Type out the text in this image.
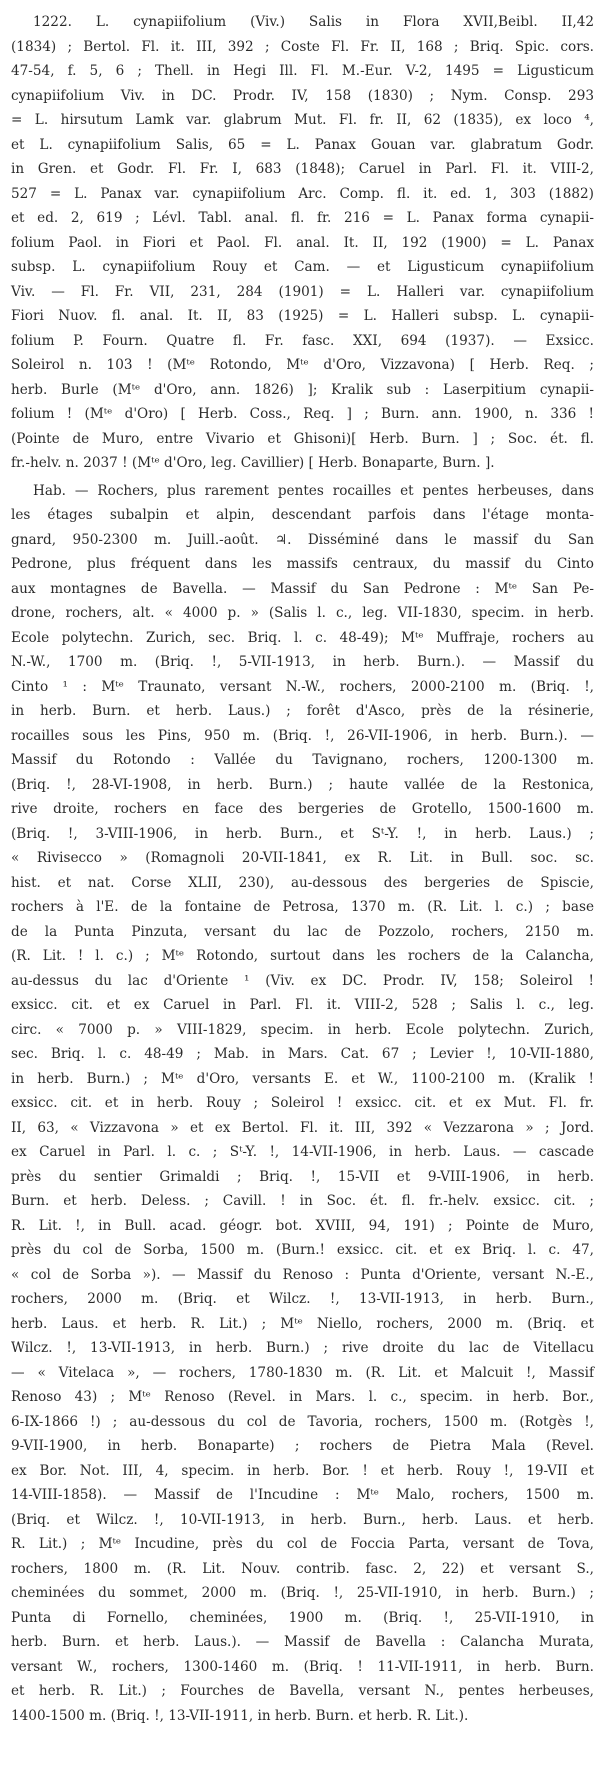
1222. L. cynapiifolium (Viv.) Salis in Flora XVII,Beibl. II,42
(1834) ; Bertol. Fl. it. III, 392 ; Coste Fl. Fr. II, 168 ; Briq. Spic. cors.
47-54, f. 5, 6 ; Thell. in Hegi Ill. Fl. M.-Eur. V-2, 1495 = Ligusticum
cynapiifolium Viv. in DC. Prodr. IV, 158 (1830) ; Nym. Consp. 293
= L. hirsutum Lamk var. glabrum Mut. Fl. fr. II, 62 (1835), ex loco ⁴,
et L. cynapiifolium Salis, 65 = L. Panax Gouan var. glabratum Godr.
in Gren. et Godr. Fl. Fr. I, 683 (1848); Caruel in Parl. Fl. it. VIII-2,
527 = L. Panax var. cynapiifolium Arc. Comp. fl. it. ed. 1, 303 (1882)
et ed. 2, 619 ; Lévl. Tabl. anal. fl. fr. 216 = L. Panax forma cynapii-
folium Paol. in Fiori et Paol. Fl. anal. It. II, 192 (1900) = L. Panax
subsp. L. cynapiifolium Rouy et Cam. — et Ligusticum cynapiifolium
Viv. — Fl. Fr. VII, 231, 284 (1901) = L. Halleri var. cynapiifolium
Fiori Nuov. fl. anal. It. II, 83 (1925) = L. Halleri subsp. L. cynapii-
folium P. Fourn. Quatre fl. Fr. fasc. XXI, 694 (1937). — Exsicc.
Soleirol n. 103 ! (Mᵗᵉ Rotondo, Mᵗᵉ d'Oro, Vizzavona) [ Herb. Req. ;
herb. Burle (Mᵗᵉ d'Oro, ann. 1826) ]; Kralik sub : Laserpitium cynapii-
folium ! (Mᵗᵉ d'Oro) [ Herb. Coss., Req. ] ; Burn. ann. 1900, n. 336 !
(Pointe de Muro, entre Vivario et Ghisoni)[ Herb. Burn. ] ; Soc. ét. fl.
fr.-helv. n. 2037 ! (Mᵗᵉ d'Oro, leg. Cavillier) [ Herb. Bonaparte, Burn. ].
Hab. — Rochers, plus rarement pentes rocailles et pentes herbeuses, dans
les étages subalpin et alpin, descendant parfois dans l'étage monta-
gnard, 950-2300 m. Juill.-août. ♃. Disséminé dans le massif du San
Pedrone, plus fréquent dans les massifs centraux, du massif du Cinto
aux montagnes de Bavella. — Massif du San Pedrone : Mᵗᵉ San Pe-
drone, rochers, alt. « 4000 p. » (Salis l. c., leg. VII-1830, specim. in herb.
Ecole polytechn. Zurich, sec. Briq. l. c. 48-49); Mᵗᵉ Muffraje, rochers au
N.-W., 1700 m. (Briq. !, 5-VII-1913, in herb. Burn.). — Massif du
Cinto ¹ : Mᵗᵉ Traunato, versant N.-W., rochers, 2000-2100 m. (Briq. !,
in herb. Burn. et herb. Laus.) ; forêt d'Asco, près de la résinerie,
rocailles sous les Pins, 950 m. (Briq. !, 26-VII-1906, in herb. Burn.). —
Massif du Rotondo : Vallée du Tavignano, rochers, 1200-1300 m.
(Briq. !, 28-VI-1908, in herb. Burn.) ; haute vallée de la Restonica,
rive droite, rochers en face des bergeries de Grotello, 1500-1600 m.
(Briq. !, 3-VIII-1906, in herb. Burn., et Sᵗ-Y. !, in herb. Laus.) ;
« Rivisecco » (Romagnoli 20-VII-1841, ex R. Lit. in Bull. soc. sc.
hist. et nat. Corse XLII, 230), au-dessous des bergeries de Spiscie,
rochers à l'E. de la fontaine de Petrosa, 1370 m. (R. Lit. l. c.) ; base
de la Punta Pinzuta, versant du lac de Pozzolo, rochers, 2150 m.
(R. Lit. ! l. c.) ; Mᵗᵉ Rotondo, surtout dans les rochers de la Calancha,
au-dessus du lac d'Oriente ¹ (Viv. ex DC. Prodr. IV, 158; Soleirol !
exsicc. cit. et ex Caruel in Parl. Fl. it. VIII-2, 528 ; Salis l. c., leg.
circ. « 7000 p. » VIII-1829, specim. in herb. Ecole polytechn. Zurich,
sec. Briq. l. c. 48-49 ; Mab. in Mars. Cat. 67 ; Levier !, 10-VII-1880,
in herb. Burn.) ; Mᵗᵉ d'Oro, versants E. et W., 1100-2100 m. (Kralik !
exsicc. cit. et in herb. Rouy ; Soleirol ! exsicc. cit. et ex Mut. Fl. fr.
II, 63, « Vizzavona » et ex Bertol. Fl. it. III, 392 « Vezzarona » ; Jord.
ex Caruel in Parl. l. c. ; Sᵗ-Y. !, 14-VII-1906, in herb. Laus. — cascade
près du sentier Grimaldi ; Briq. !, 15-VII et 9-VIII-1906, in herb.
Burn. et herb. Deless. ; Cavill. ! in Soc. ét. fl. fr.-helv. exsicc. cit. ;
R. Lit. !, in Bull. acad. géogr. bot. XVIII, 94, 191) ; Pointe de Muro,
près du col de Sorba, 1500 m. (Burn.! exsicc. cit. et ex Briq. l. c. 47,
« col de Sorba »). — Massif du Renoso : Punta d'Oriente, versant N.-E.,
rochers, 2000 m. (Briq. et Wilcz. !, 13-VII-1913, in herb. Burn.,
herb. Laus. et herb. R. Lit.) ; Mᵗᵉ Niello, rochers, 2000 m. (Briq. et
Wilcz. !, 13-VII-1913, in herb. Burn.) ; rive droite du lac de Vitellacu
— « Vitelaca », — rochers, 1780-1830 m. (R. Lit. et Malcuit !, Massif
Renoso 43) ; Mᵗᵉ Renoso (Revel. in Mars. l. c., specim. in herb. Bor.,
6-IX-1866 !) ; au-dessous du col de Tavoria, rochers, 1500 m. (Rotgès !,
9-VII-1900, in herb. Bonaparte) ; rochers de Pietra Mala (Revel.
ex Bor. Not. III, 4, specim. in herb. Bor. ! et herb. Rouy !, 19-VII et
14-VIII-1858). — Massif de l'Incudine : Mᵗᵉ Malo, rochers, 1500 m.
(Briq. et Wilcz. !, 10-VII-1913, in herb. Burn., herb. Laus. et herb.
R. Lit.) ; Mᵗᵉ Incudine, près du col de Foccia Parta, versant de Tova,
rochers, 1800 m. (R. Lit. Nouv. contrib. fasc. 2, 22) et versant S.,
cheminées du sommet, 2000 m. (Briq. !, 25-VII-1910, in herb. Burn.) ;
Punta di Fornello, cheminées, 1900 m. (Briq. !, 25-VII-1910, in
herb. Burn. et herb. Laus.). — Massif de Bavella : Calancha Murata,
versant W., rochers, 1300-1460 m. (Briq. ! 11-VII-1911, in herb. Burn.
et herb. R. Lit.) ; Fourches de Bavella, versant N., pentes herbeuses,
1400-1500 m. (Briq. !, 13-VII-1911, in herb. Burn. et herb. R. Lit.).
